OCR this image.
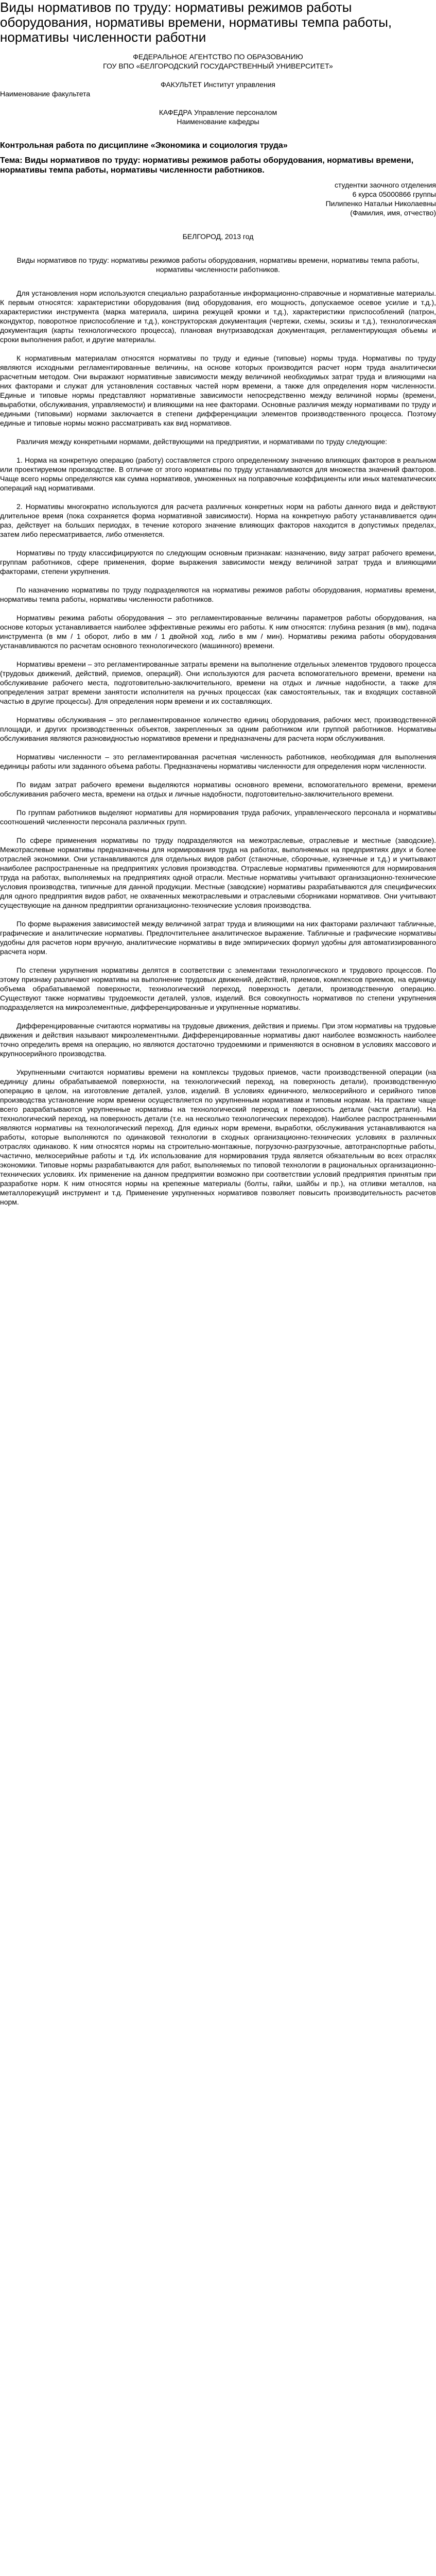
Виды нормативов по труду: нормативы режимов работы оборудования, нормативы времени, нормативы темпа работы, нормативы численности работни
ФЕДЕРАЛЬНОЕ АГЕНТСТВО ПО ОБРАЗОВАНИЮ
ГОУ ВПО «БЕЛГОРОДСКИЙ ГОСУДАРСТВЕННЫЙ УНИВЕРСИТЕТ»
ФАКУЛЬТЕТ Институт управления
Наименование факультета
КАФЕДРА Управление персоналом
Наименование кафедры
Контрольная работа по дисциплине «Экономика и социология труда»
Тема: Виды нормативов по труду: нормативы режимов работы оборудования, нормативы времени, нормативы темпа работы, нормативы численности работников.
студентки заочного отделения
6 курса 05000866 группы
Пилипенко Натальи Николаевны
(Фамилия, имя, отчество)
БЕЛГОРОД, 2013 год
Виды нормативов по труду: нормативы режимов работы оборудования, нормативы времени, нормативы темпа работы, нормативы численности работников.

Для установления норм используются специально разработанные информационно-справочные и нормативные материалы. К первым относятся: характеристики оборудования (вид оборудования, его мощность, допускаемое осевое усилие и т.д.), характеристики инструмента (марка материала, ширина режущей кромки и т.д.), характеристики приспособлений (патрон, кондуктор, поворотное приспособление и т.д.), конструкторская документация (чертежи, схемы, эскизы и т.д.), технологическая документация (карты технологического процесса), плановая внутризаводская документация, регламентирующая объемы и сроки выполнения работ, и другие материалы.

К нормативным материалам относятся нормативы по труду и единые (типовые) нормы труда. Нормативы по труду являются исходными регламентированные величины, на основе которых производится расчет норм труда аналитически расчетным методом. Они выражают нормативные зависимости между величиной необходимых затрат труда и влияющими на них факторами и служат для установления составных частей норм времени, а также для определения норм численности. Единые и типовые нормы представляют нормативные зависимости непосредственно между величиной нормы (времени, выработки, обслуживания, управляемости) и влияющими на нее факторами. Основные различия между нормативами по труду и едиными (типовыми) нормами заключается в степени дифференциации элементов производственного процесса. Поэтому единые и типовые нормы можно рассматривать как вид нормативов.

Различия между конкретными нормами, действующими на предприятии, и нормативами по труду следующие:

1. Норма на конкретную операцию (работу) составляется строго определенному значению влияющих факторов в реальном или проектируемом производстве. В отличие от этого нормативы по труду устанавливаются для множества значений факторов. Чаще всего нормы определяются как сумма нормативов, умноженных на поправочные коэффициенты или иных математических операций над нормативами.

2. Нормативы многократно используются для расчета различных конкретных норм на работы данного вида и действуют длительное время (пока сохраняется форма нормативной зависимости). Норма на конкретную работу устанавливается один раз, действует на больших периодах, в течение которого значение влияющих факторов находится в допустимых пределах, затем либо пересматривается, либо отменяется.

Нормативы по труду классифицируются по следующим основным признакам: назначению, виду затрат рабочего времени, группам работников, сфере применения, форме выражения зависимости между величиной затрат труда и влияющими факторами, степени укрупнения.

По назначению нормативы по труду подразделяются на нормативы режимов работы оборудования, нормативы времени, нормативы темпа работы, нормативы численности работников.

Нормативы режима работы оборудования – это регламентированные величины параметров работы оборудования, на основе которых устанавливается наиболее эффективные режимы его работы. К ним относятся: глубина резания (в мм), подача инструмента (в мм / 1 оборот, либо в мм / 1 двойной ход, либо в мм / мин). Нормативы режима работы оборудования устанавливаются по расчетам основного технологического (машинного) времени.

Нормативы времени – это регламентированные затраты времени на выполнение отдельных элементов трудового процесса (трудовых движений, действий, приемов, операций). Они используются для расчета вспомогательного времени, времени на обслуживание рабочего места, подготовительно-заключительного, времени на отдых и личные надобности, а также для определения затрат времени занятости исполнителя на ручных процессах (как самостоятельных, так и входящих составной частью в другие процессы). Для определения норм времени и их составляющих.

Нормативы обслуживания – это регламентированное количество единиц оборудования, рабочих мест, производственной площади, и других производственных объектов, закрепленных за одним работником или группой работников. Нормативы обслуживания являются разновидностью нормативов времени и предназначены для расчета норм обслуживания.

Нормативы численности – это регламентированная расчетная численность работников, необходимая для выполнения единицы работы или заданного объема работы. Предназначены нормативы численности для определения норм численности.

По видам затрат рабочего времени выделяются нормативы основного времени, вспомогательного времени, времени обслуживания рабочего места, времени на отдых и личные надобности, подготовительно-заключительного времени.

По группам работников выделяют нормативы для нормирования труда рабочих, управленческого персонала и нормативы соотношений численности персонала различных групп.

По сфере применения нормативы по труду подразделяются на межотраслевые, отраслевые и местные (заводские). Межотраслевые нормативы предназначены для нормирования труда на работах, выполняемых на предприятиях двух и более отраслей экономики. Они устанавливаются для отдельных видов работ (станочные, сборочные, кузнечные и т.д.) и учитывают наиболее распространенные на предприятиях условия производства. Отраслевые нормативы применяются для нормирования труда на работах, выполняемых на предприятиях одной отрасли. Местные нормативы учитывают организационно-технические условия производства, типичные для данной продукции. Местные (заводские) нормативы разрабатываются для специфических для одного предприятия видов работ, не охваченных межотраслевыми и отраслевыми сборниками нормативов. Они учитывают существующие на данном предприятии организационно-технические условия производства.

По форме выражения зависимостей между величиной затрат труда и влияющими на них факторами различают табличные, графические и аналитические нормативы. Предпочтительнее аналитическое выражение. Табличные и графические нормативы удобны для расчетов норм вручную, аналитические нормативы в виде эмпирических формул удобны для автоматизированного расчета норм.

По степени укрупнения нормативы делятся в соответствии с элементами технологического и трудового процессов. По этому признаку различают нормативы на выполнение трудовых движений, действий, приемов, комплексов приемов, на единицу объема обрабатываемой поверхности, технологический переход, поверхность детали, производственную операцию. Существуют также нормативы трудоемкости деталей, узлов, изделий. Вся совокупность нормативов по степени укрупнения подразделяется на микроэлементные, дифференцированные и укрупненные нормативы.

Дифференцированные считаются нормативы на трудовые движения, действия и приемы. При этом нормативы на трудовые движения и действия называют микроэлементными. Дифференцированные нормативы дают наиболее возможность наиболее точно определить время на операцию, но являются достаточно трудоемкими и применяются в основном в условиях массового и крупносерийного производства.

Укрупненными считаются нормативы времени на комплексы трудовых приемов, части производственной операции (на единицу длины обрабатываемой поверхности, на технологический переход, на поверхность детали), производственную операцию в целом, на изготовление деталей, узлов, изделий. В условиях единичного, мелкосерийного и серийного типов производства установление норм времени осуществляется по укрупненным нормативам и типовым нормам. На практике чаще всего разрабатываются укрупненные нормативы на технологический переход и поверхность детали (части детали). На технологический переход, на поверхность детали (т.е. на несколько технологических переходов). Наиболее распространенными являются нормативы на технологический переход. Для единых норм времени, выработки, обслуживания устанавливаются на работы, которые выполняются по одинаковой технологии в сходных организационно-технических условиях в различных отраслях одинаково. К ним относятся нормы на строительно-монтажные, погрузочно-разгрузочные, автотранспортные работы, частично, мелкосерийные работы и т.д. Их использование для нормирования труда является обязательным во всех отраслях экономики. Типовые нормы разрабатываются для работ, выполняемых по типовой технологии в рациональных организационно-технических условиях. Их применение на данном предприятии возможно при соответствии условий предприятия принятым при разработке норм. К ним относятся нормы на крепежные материалы (болты, гайки, шайбы и пр.), на отливки металлов, на металлорежущий инструмент и т.д. Применение укрупненных нормативов позволяет повысить производительность расчетов норм.
